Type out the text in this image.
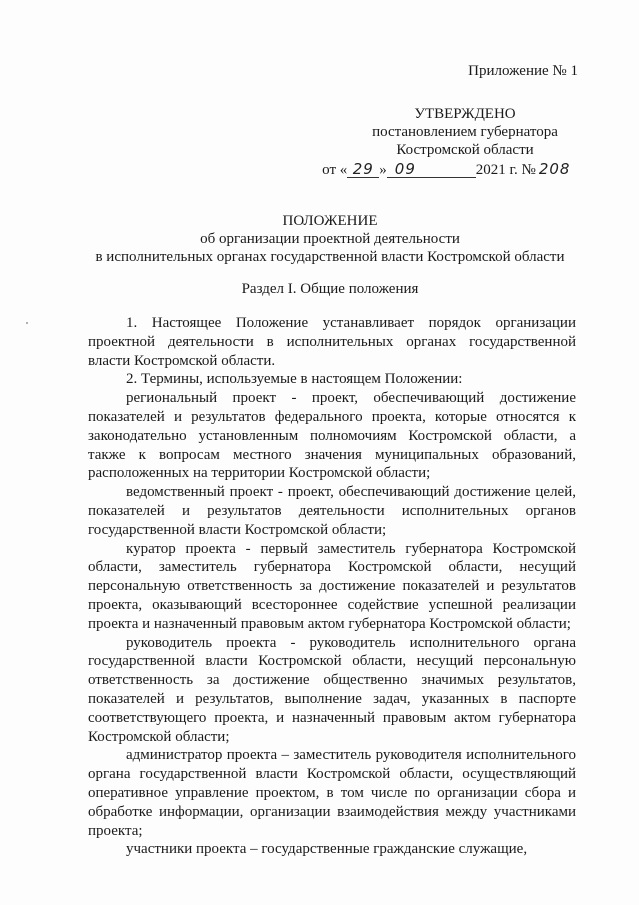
Приложение № 1
УТВЕРЖДЕНО
постановлением губернатора
Костромской области
от « 29 » 09	2021 г. № 208
ПОЛОЖЕНИЕ
об организации проектной деятельности
в исполнительных органах государственной власти Костромской области
Раздел I. Общие положения

1. Настоящее Положение устанавливает порядок организации проектной деятельности в исполнительных органах государственной власти Костромской области.

2. Термины, используемые в настоящем Положении:

региональный проект - проект, обеспечивающий достижение показателей и результатов федерального проекта, которые относятся к законодательно установленным полномочиям Костромской области, а также к вопросам местного значения муниципальных образований, расположенных на территории Костромской области;

ведомственный проект - проект, обеспечивающий достижение целей, показателей и результатов деятельности исполнительных органов государственной власти Костромской области;

куратор проекта - первый заместитель губернатора Костромской области, заместитель губернатора Костромской области, несущий персональную ответственность за достижение показателей и результатов проекта, оказывающий всестороннее содействие успешной реализации проекта и назначенный правовым актом губернатора Костромской области;

руководитель проекта - руководитель исполнительного органа государственной власти Костромской области, несущий персональную ответственность за достижение общественно значимых результатов, показателей и результатов, выполнение задач, указанных в паспорте соответствующего проекта, и назначенный правовым актом губернатора Костромской области;

администратор проекта – заместитель руководителя исполнительного органа государственной власти Костромской области, осуществляющий оперативное управление проектом, в том числе по организации сбора и обработке информации, организации взаимодействия между участниками проекта;

участники проекта – государственные гражданские служащие,
